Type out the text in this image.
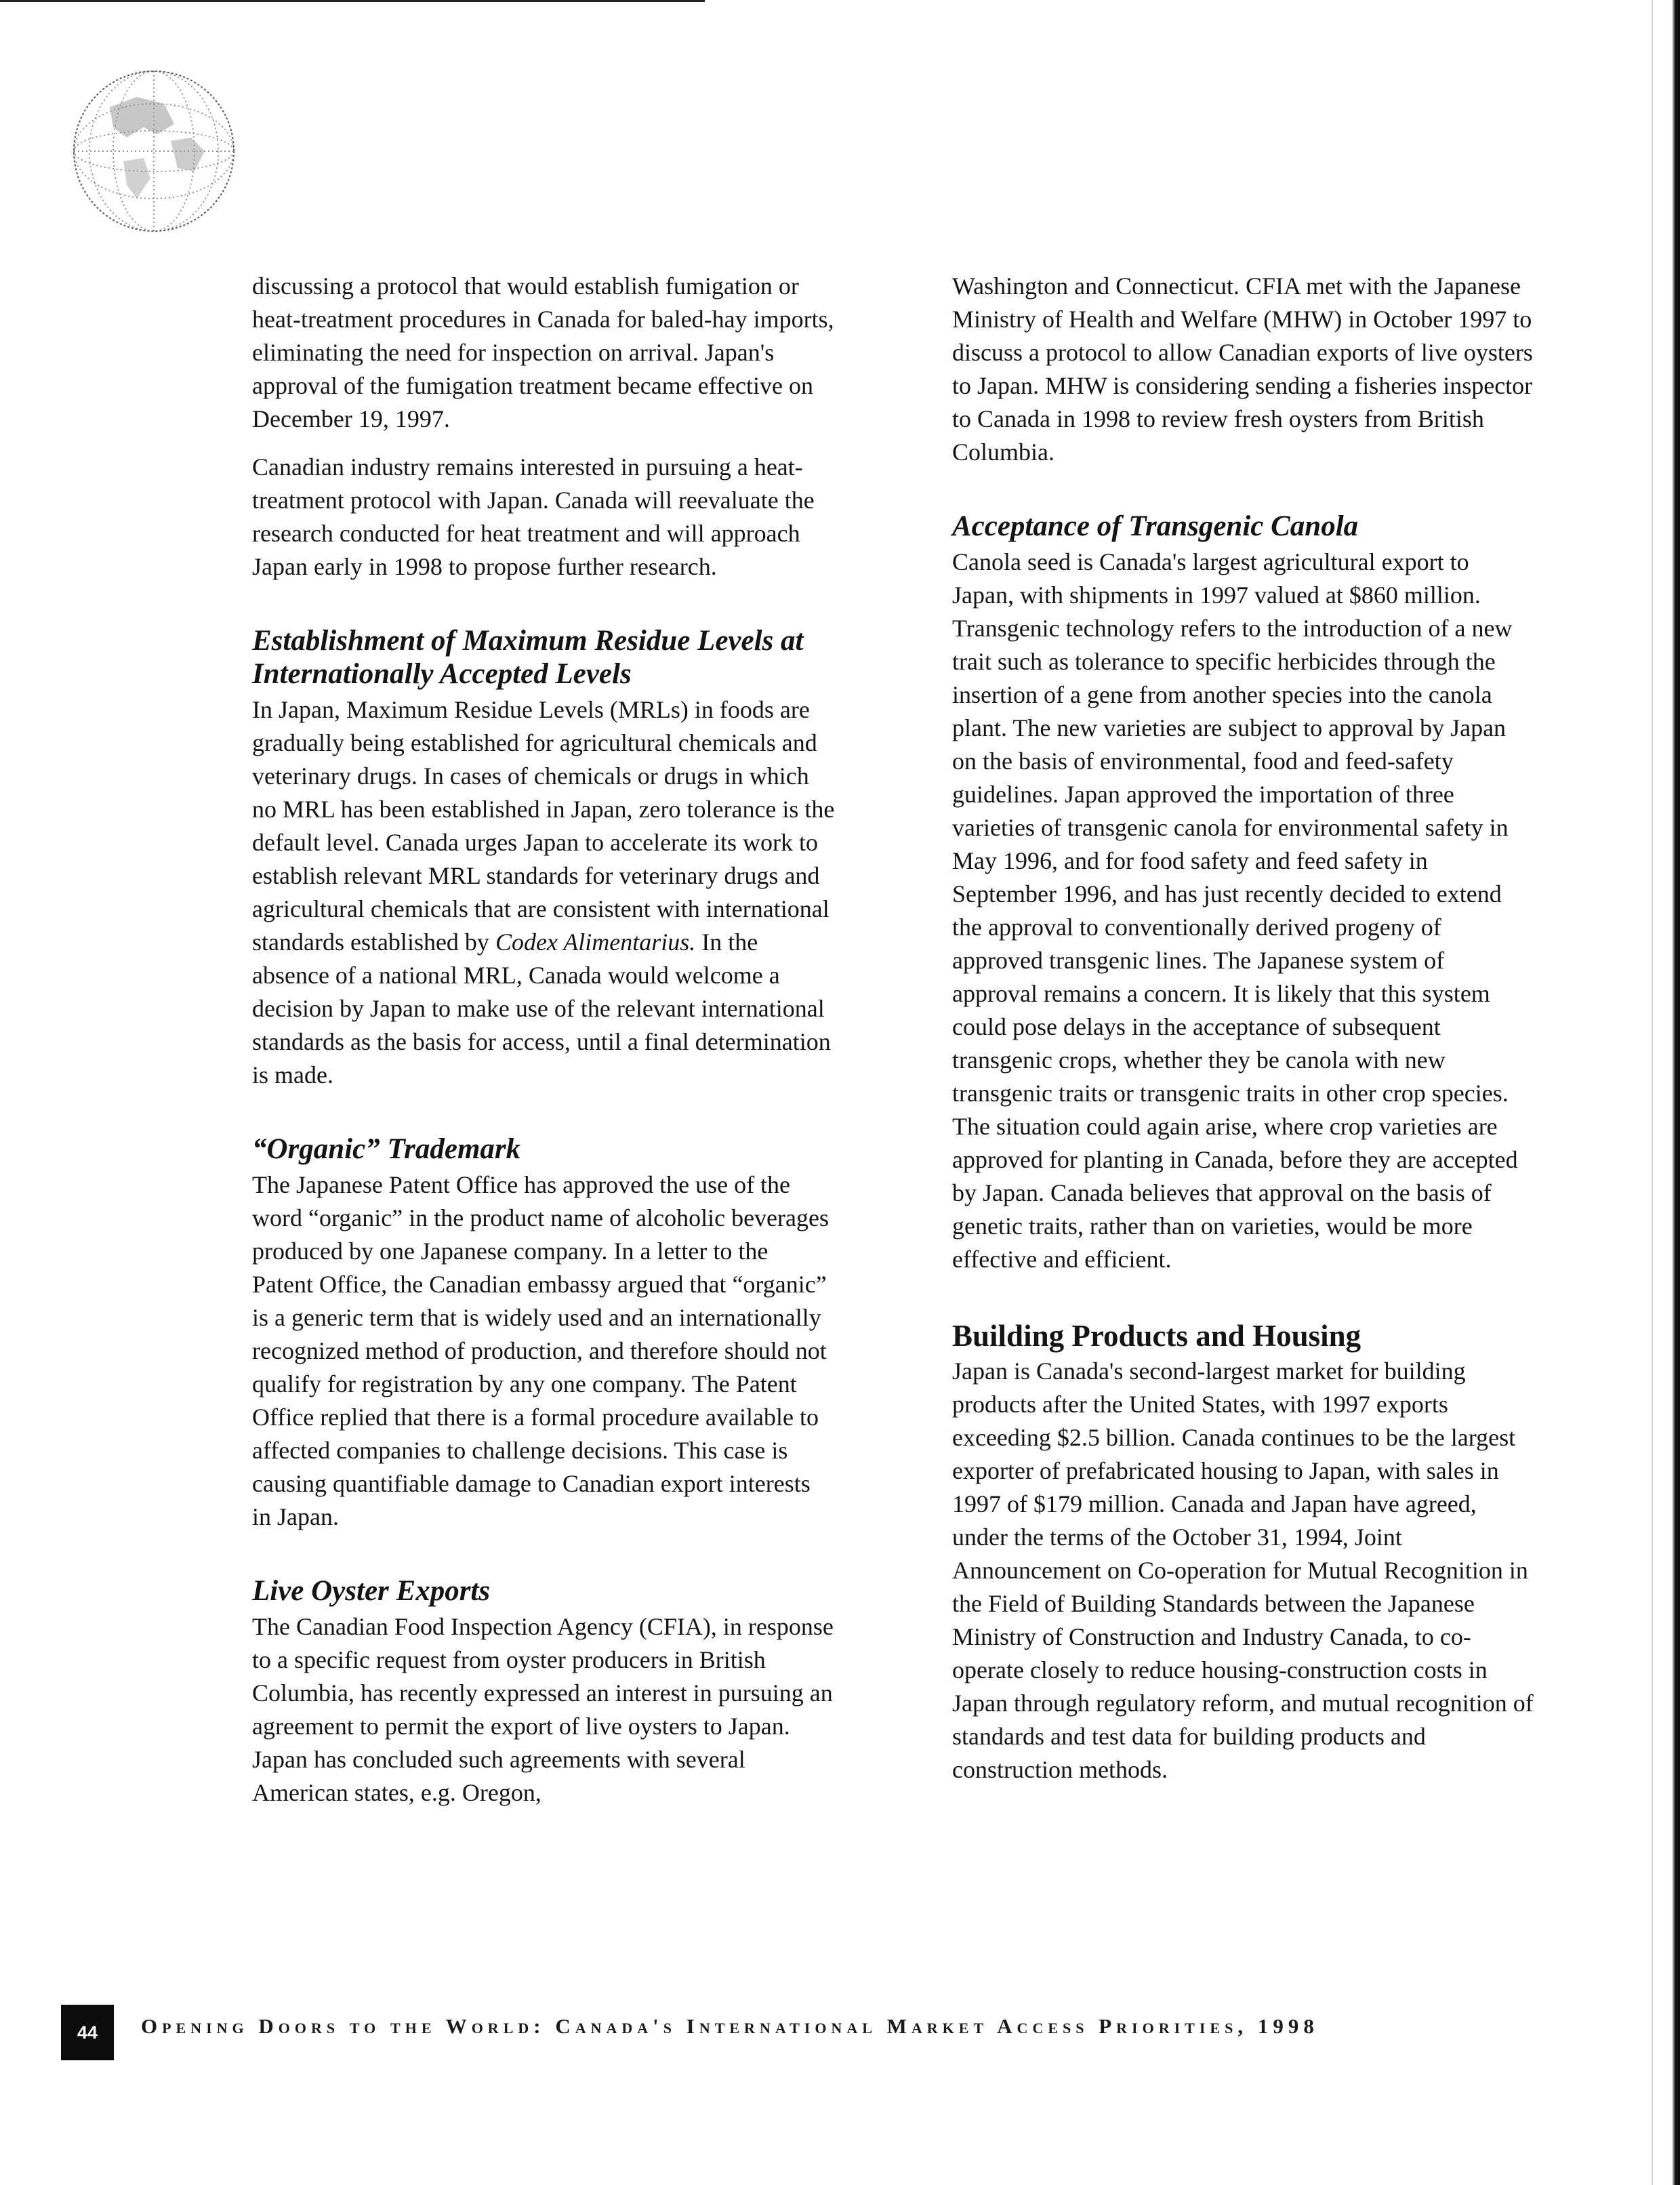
discussing a protocol that would establish fumigation or heat-treatment procedures in Canada for baled-hay imports, eliminating the need for inspection on arrival. Japan's approval of the fumigation treatment became effective on December 19, 1997.

Canadian industry remains interested in pursuing a heat-treatment protocol with Japan. Canada will reevaluate the research conducted for heat treatment and will approach Japan early in 1998 to propose further research.

Establishment of Maximum Residue Levels at Internationally Accepted Levels

In Japan, Maximum Residue Levels (MRLs) in foods are gradually being established for agricultural chemicals and veterinary drugs. In cases of chemicals or drugs in which no MRL has been established in Japan, zero tolerance is the default level. Canada urges Japan to accelerate its work to establish relevant MRL standards for veterinary drugs and agricultural chemicals that are consistent with international standards established by Codex Alimentarius. In the absence of a national MRL, Canada would welcome a decision by Japan to make use of the relevant international standards as the basis for access, until a final determination is made.

“Organic” Trademark

The Japanese Patent Office has approved the use of the word “organic” in the product name of alcoholic beverages produced by one Japanese company. In a letter to the Patent Office, the Canadian embassy argued that “organic” is a generic term that is widely used and an internationally recognized method of production, and therefore should not qualify for registration by any one company. The Patent Office replied that there is a formal procedure available to affected companies to challenge decisions. This case is causing quantifiable damage to Canadian export interests in Japan.

Live Oyster Exports

The Canadian Food Inspection Agency (CFIA), in response to a specific request from oyster producers in British Columbia, has recently expressed an interest in pursuing an agreement to permit the export of live oysters to Japan. Japan has concluded such agreements with several American states, e.g. Oregon,

Washington and Connecticut. CFIA met with the Japanese Ministry of Health and Welfare (MHW) in October 1997 to discuss a protocol to allow Canadian exports of live oysters to Japan. MHW is considering sending a fisheries inspector to Canada in 1998 to review fresh oysters from British Columbia.

Acceptance of Transgenic Canola

Canola seed is Canada's largest agricultural export to Japan, with shipments in 1997 valued at $860 million. Transgenic technology refers to the introduction of a new trait such as tolerance to specific herbicides through the insertion of a gene from another species into the canola plant. The new varieties are subject to approval by Japan on the basis of environmental, food and feed-safety guidelines. Japan approved the importation of three varieties of transgenic canola for environmental safety in May 1996, and for food safety and feed safety in September 1996, and has just recently decided to extend the approval to conventionally derived progeny of approved transgenic lines. The Japanese system of approval remains a concern. It is likely that this system could pose delays in the acceptance of subsequent transgenic crops, whether they be canola with new transgenic traits or transgenic traits in other crop species. The situation could again arise, where crop varieties are approved for planting in Canada, before they are accepted by Japan. Canada believes that approval on the basis of genetic traits, rather than on varieties, would be more effective and efficient.

Building Products and Housing

Japan is Canada's second-largest market for building products after the United States, with 1997 exports exceeding $2.5 billion. Canada continues to be the largest exporter of prefabricated housing to Japan, with sales in 1997 of $179 million. Canada and Japan have agreed, under the terms of the October 31, 1994, Joint Announcement on Co-operation for Mutual Recognition in the Field of Building Standards between the Japanese Ministry of Construction and Industry Canada, to co-operate closely to reduce housing-construction costs in Japan through regulatory reform, and mutual recognition of standards and test data for building products and construction methods.

44	Opening Doors to the World: Canada's International Market Access Priorities, 1998
